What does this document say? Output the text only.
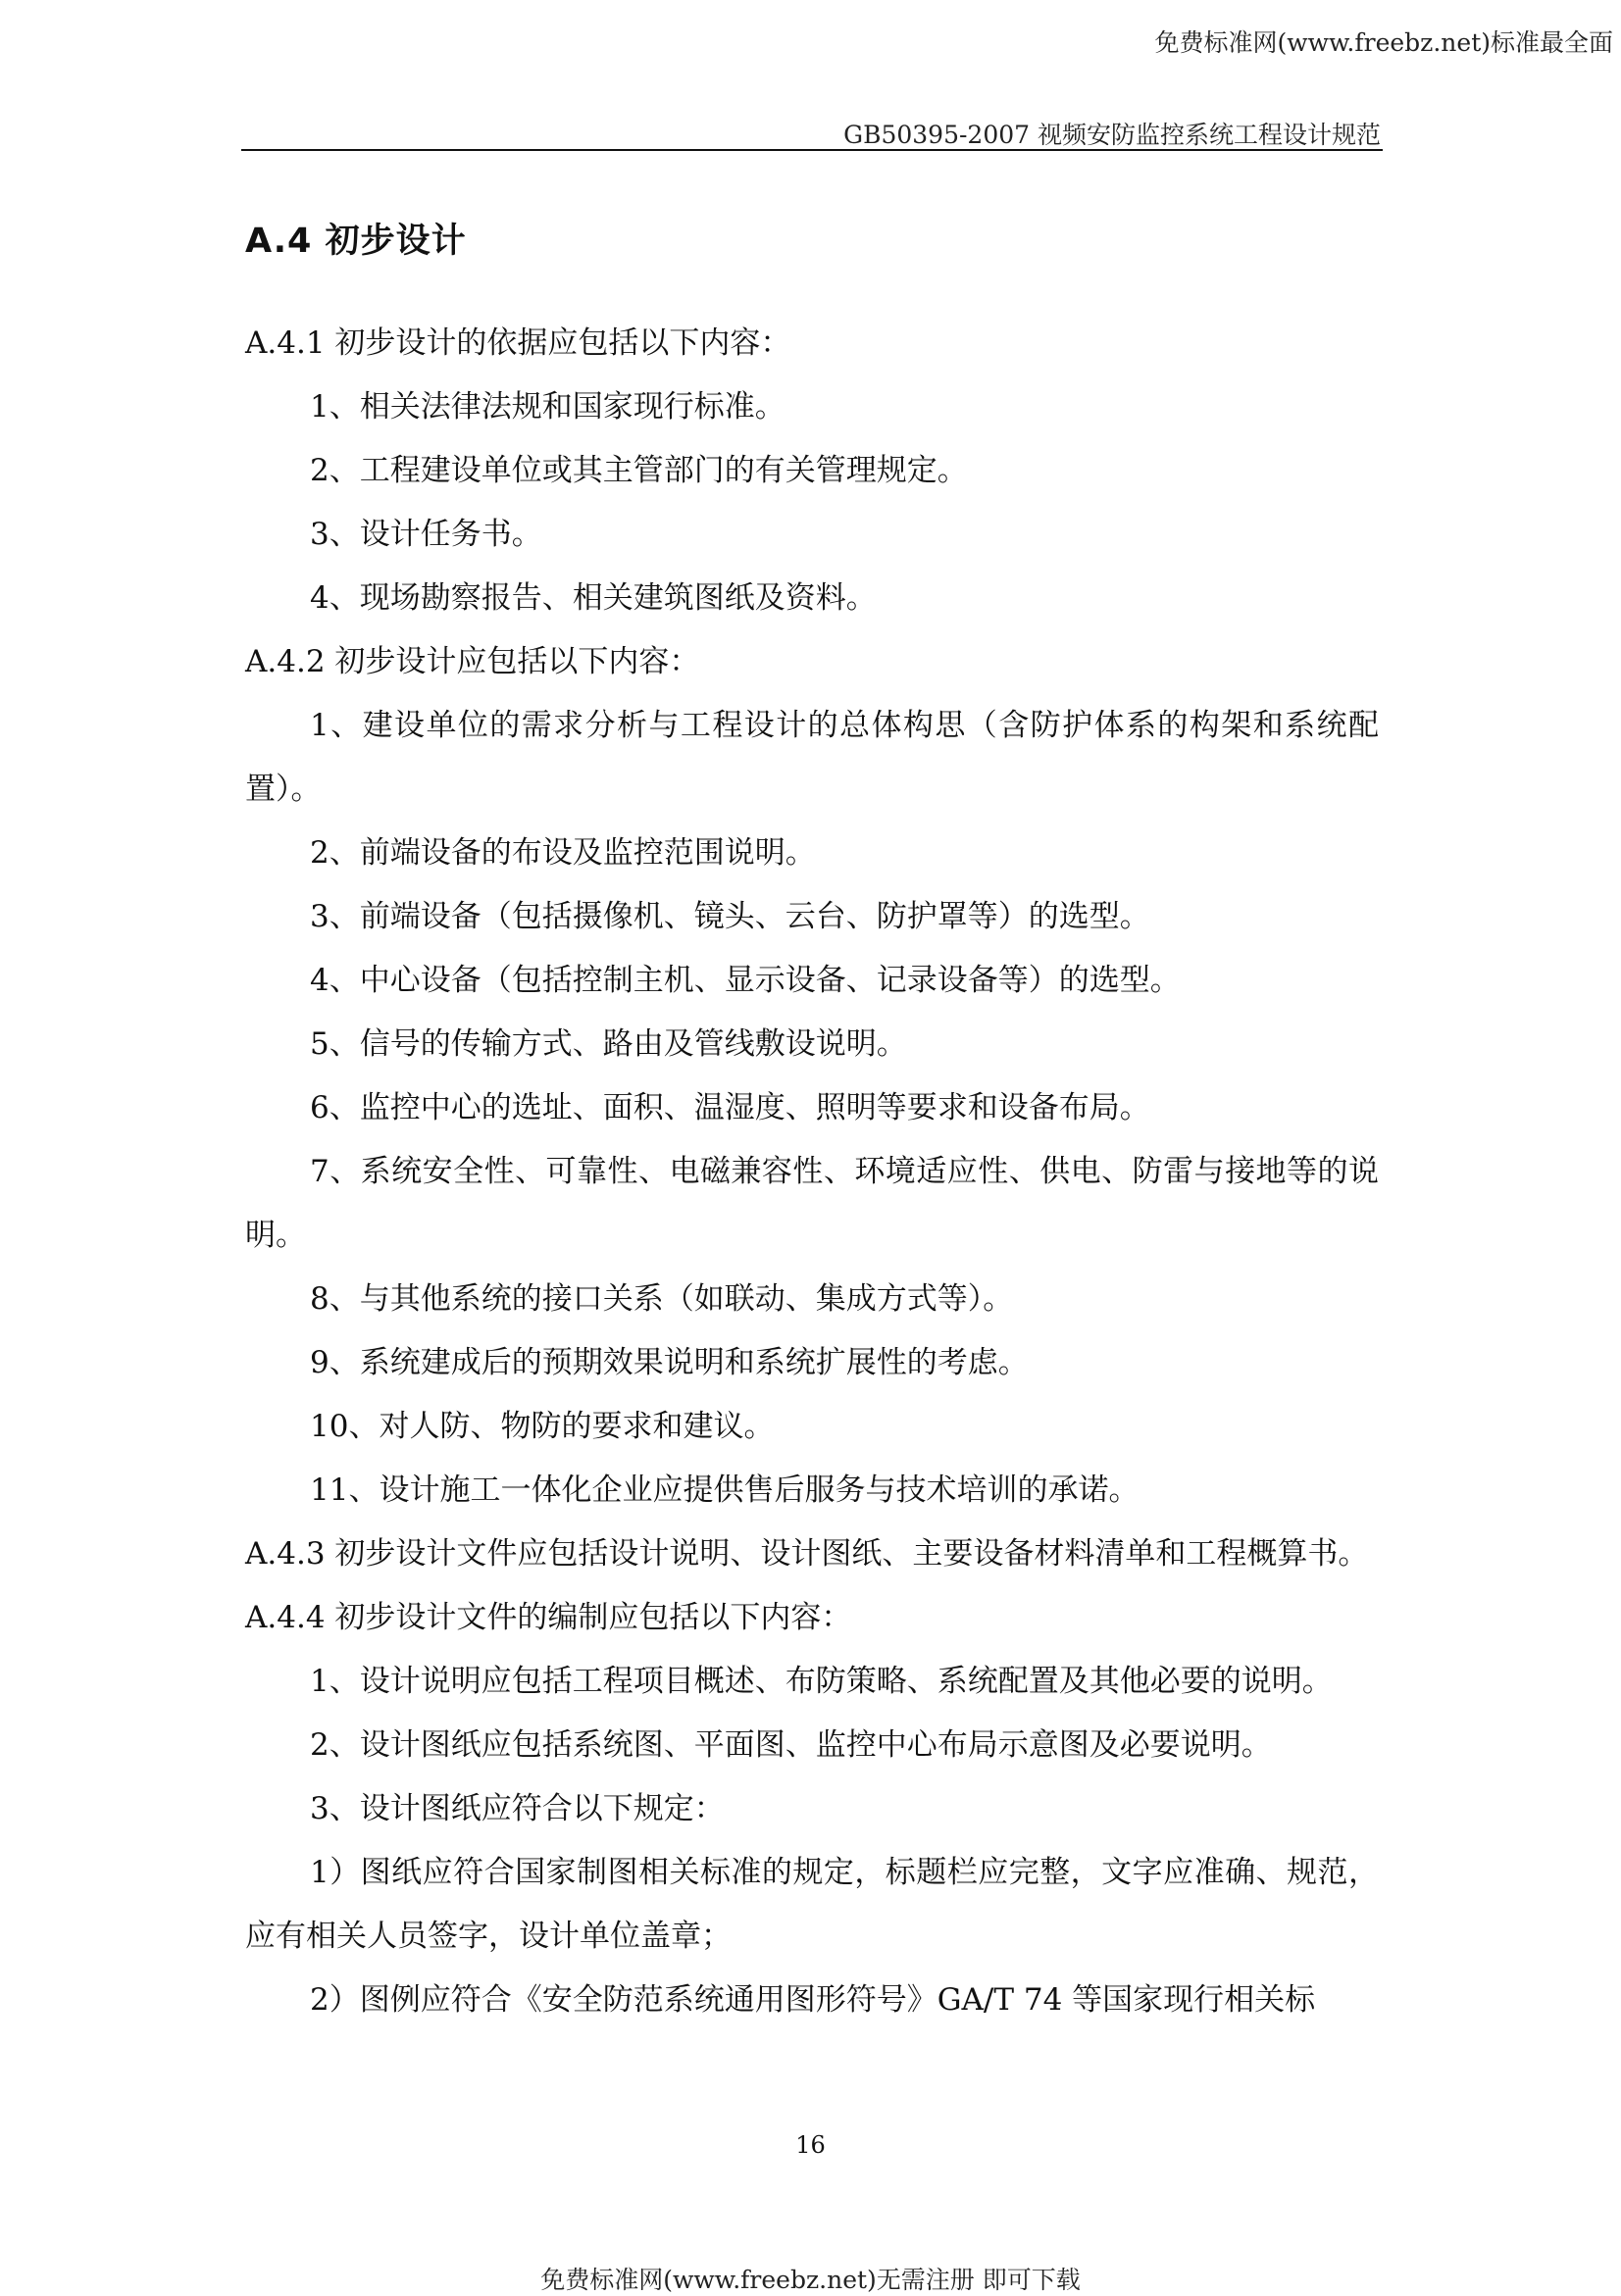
免费标准网(www.freebz.net)标准最全面
GB50395-2007 视频安防监控系统工程设计规范
A.4 初步设计

A.4.1 初步设计的依据应包括以下内容：

1、相关法律法规和国家现行标准。

2、工程建设单位或其主管部门的有关管理规定。

3、设计任务书。

4、现场勘察报告、相关建筑图纸及资料。

A.4.2 初步设计应包括以下内容：

1、建设单位的需求分析与工程设计的总体构思（含防护体系的构架和系统配置）。

2、前端设备的布设及监控范围说明。

3、前端设备（包括摄像机、镜头、云台、防护罩等）的选型。

4、中心设备（包括控制主机、显示设备、记录设备等）的选型。

5、信号的传输方式、路由及管线敷设说明。

6、监控中心的选址、面积、温湿度、照明等要求和设备布局。

7、系统安全性、可靠性、电磁兼容性、环境适应性、供电、防雷与接地等的说明。

8、与其他系统的接口关系（如联动、集成方式等）。

9、系统建成后的预期效果说明和系统扩展性的考虑。

10、对人防、物防的要求和建议。

11、设计施工一体化企业应提供售后服务与技术培训的承诺。

A.4.3 初步设计文件应包括设计说明、设计图纸、主要设备材料清单和工程概算书。

A.4.4 初步设计文件的编制应包括以下内容：

1、设计说明应包括工程项目概述、布防策略、系统配置及其他必要的说明。

2、设计图纸应包括系统图、平面图、监控中心布局示意图及必要说明。

3、设计图纸应符合以下规定：

1）图纸应符合国家制图相关标准的规定，标题栏应完整，文字应准确、规范，应有相关人员签字，设计单位盖章；

2）图例应符合《安全防范系统通用图形符号》GA/T 74 等国家现行相关标

16
免费标准网(www.freebz.net)无需注册 即可下载
